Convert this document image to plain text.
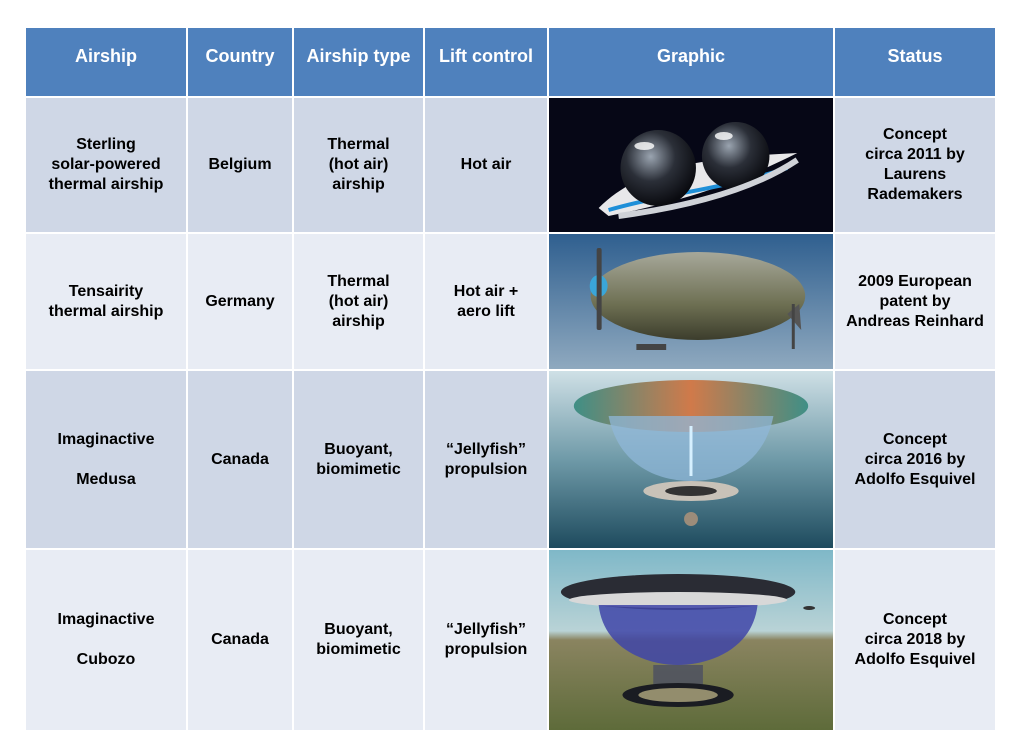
Airship	Country	Airship type	Lift control	Graphic	Status

Sterling
solar-powered
thermal airship	Belgium	Thermal
(hot air)
airship	Hot air		Concept
circa 2011 by
Laurens
Rademakers

Tensairity
thermal airship	Germany	Thermal
(hot air)
airship	Hot air +
aero lift		2009 European
patent by
Andreas Reinhard

Imaginactive
Medusa	Canada	Buoyant,
biomimetic	“Jellyfish”
propulsion		Concept
circa 2016 by
Adolfo Esquivel

Imaginactive
Cubozo	Canada	Buoyant,
biomimetic	“Jellyfish”
propulsion		Concept
circa 2018 by
Adolfo Esquivel
